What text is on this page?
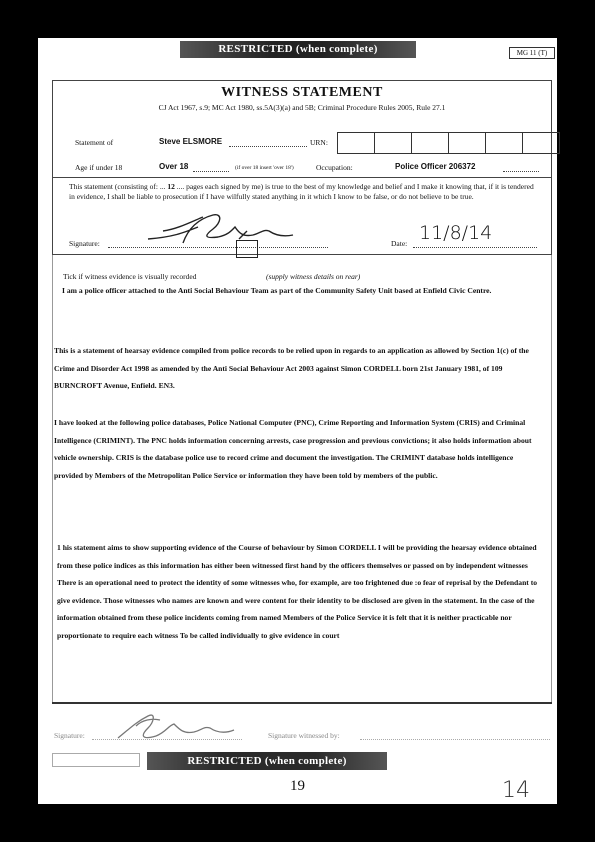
RESTRICTED (when complete)	MG 11 (T)
WITNESS STATEMENT
CJ Act 1967, s.9; MC Act 1980, ss.5A(3)(a) and 5B; Criminal Procedure Rules 2005, Rule 27.1
Statement of	Steve ELSMORE	URN:
Age if under 18	Over 18	(if over 18 insert 'over 18')	Occupation:	Police Officer 206372
This statement (consisting of: ... 12 .... pages each signed by me) is true to the best of my knowledge and belief and I make it knowing that, if it is tendered in evidence, I shall be liable to prosecution if I have wilfully stated anything in it which I know to be false, or do not believe to be true.
Signature:	Date: 11/8/14
Tick if witness evidence is visually recorded	(supply witness details on rear)
I am a police officer attached to the Anti Social Behaviour Team as part of the Community Safety Unit based at Enfield Civic Centre.
This is a statement of hearsay evidence compiled from police records to be relied upon in regards to an application as allowed by Section 1(c) of the Crime and Disorder Act 1998 as amended by the Anti Social Behaviour Act 2003 against Simon CORDELL born 21st January 1981, of 109 BURNCROFT Avenue, Enfield. EN3.
I have looked at the following police databases, Police National Computer (PNC), Crime Reporting and Information System (CRIS) and Criminal Intelligence (CRIMINT). The PNC holds information concerning arrests, case progression and previous convictions; it also holds information about vehicle ownership. CRIS is the database police use to record crime and document the investigation. The CRIMINT database holds intelligence provided by Members of the Metropolitan Police Service or information they have been told by members of the public.
1 his statement aims to show supporting evidence of the Course of behaviour by Simon CORDELL I will be providing the hearsay evidence obtained from these police indices as this information has either been witnessed first hand by the officers themselves or passed on by independent witnesses There is an operational need to protect the identity of some witnesses who, for example, are too frightened due :o fear of reprisal by the Defendant to give evidence. Those witnesses who names are known and were content for their identity to be disclosed are given in the statement. In the case of the information obtained from these police incidents coming from named Members of the Police Service it is felt that it is neither practicable nor proportionate to require each witness To be called individually to give evidence in court
Signature:	Signature witnessed by:
RESTRICTED (when complete)
19	14
